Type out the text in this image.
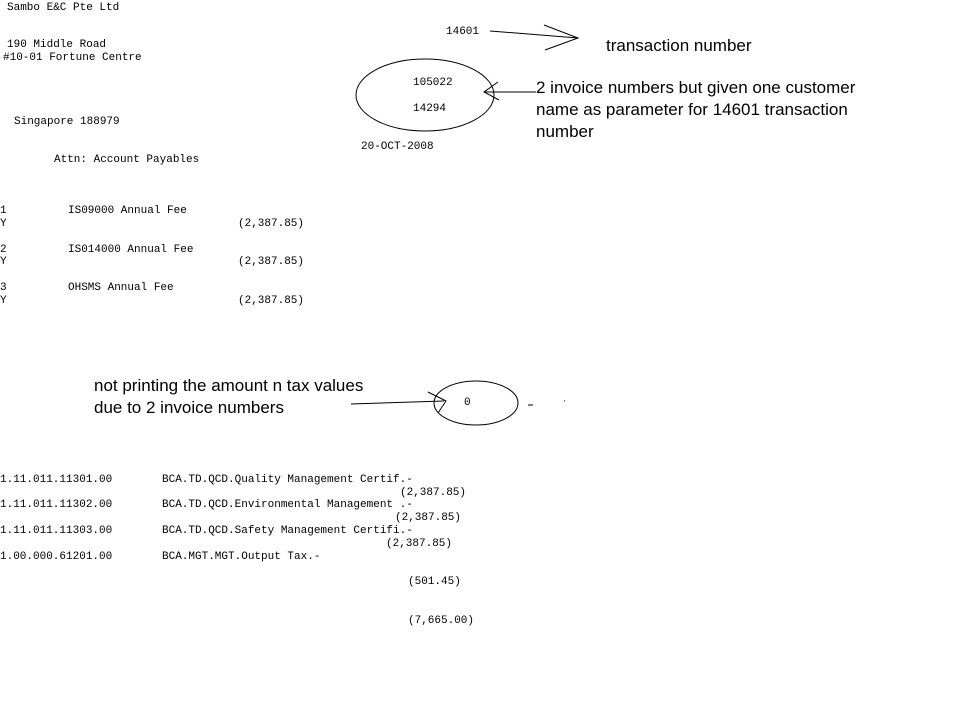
Sambo E&C Pte Ltd
190 Middle Road
#10-01 Fortune Centre
Singapore 188979
Attn: Account Payables
14601
105022
14294
20-OCT-2008
1	IS09000 Annual Fee
Y	(2,387.85)
2	IS014000 Annual Fee
Y	(2,387.85)
3	OHSMS Annual Fee
Y	(2,387.85)
0
1.11.011.11301.00	BCA.TD.QCD.Quality Management Certif.-
(2,387.85)
1.11.011.11302.00	BCA.TD.QCD.Environmental Management .-
(2,387.85)
1.11.011.11303.00	BCA.TD.QCD.Safety Management Certifi.-
(2,387.85)
1.00.000.61201.00	BCA.MGT.MGT.Output Tax.-
(501.45)
(7,665.00)
transaction number
2 invoice numbers but given one customer
name as parameter for 14601 transaction
number
not printing the amount n tax values
due to 2 invoice numbers
